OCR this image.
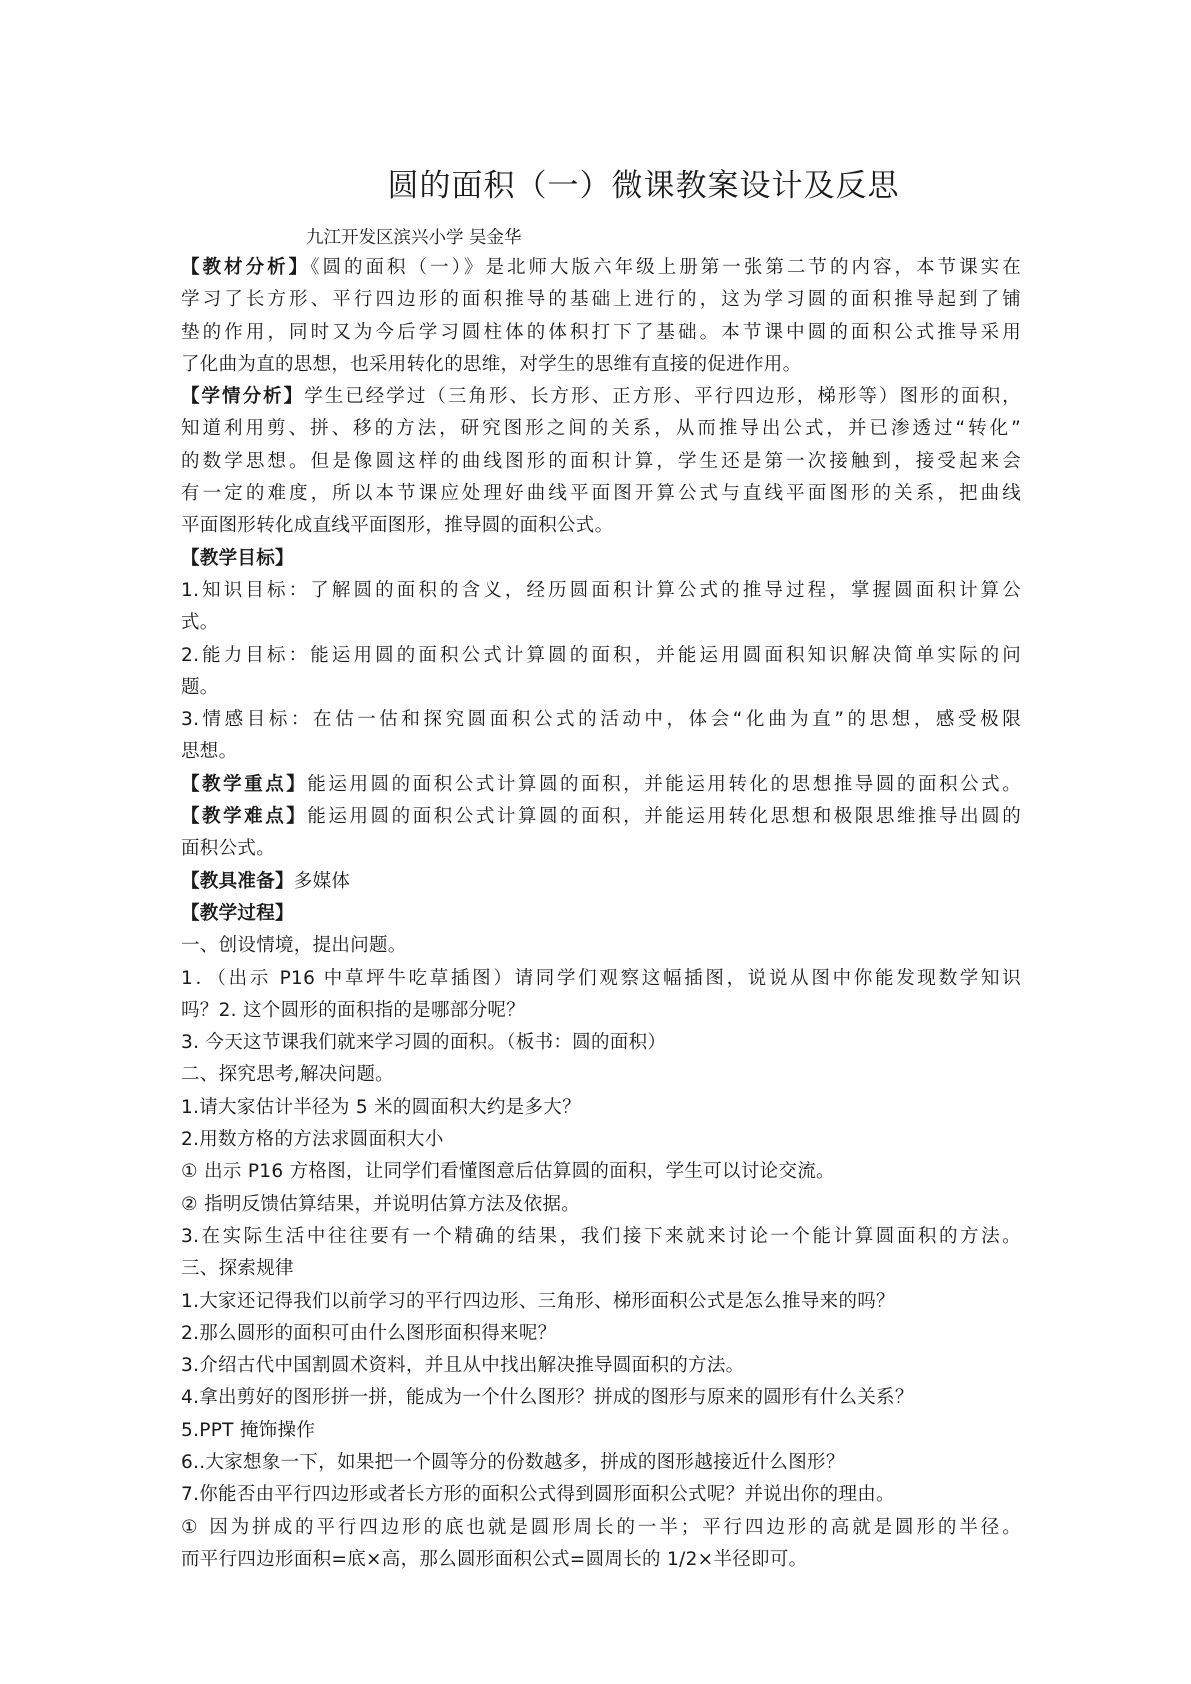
圆的面积（一）微课教案设计及反思
九江开发区滨兴小学 吴金华
【教材分析】《圆的面积（一）》是北师大版六年级上册第一张第二节的内容，本节课实在
学习了长方形、平行四边形的面积推导的基础上进行的，这为学习圆的面积推导起到了铺
垫的作用，同时又为今后学习圆柱体的体积打下了基础。本节课中圆的面积公式推导采用
了化曲为直的思想，也采用转化的思维，对学生的思维有直接的促进作用。
【学情分析】学生已经学过（三角形、长方形、正方形、平行四边形，梯形等）图形的面积，
知道利用剪、拼、移的方法，研究图形之间的关系，从而推导出公式，并已渗透过“转化”
的数学思想。但是像圆这样的曲线图形的面积计算，学生还是第一次接触到，接受起来会
有一定的难度，所以本节课应处理好曲线平面图开算公式与直线平面图形的关系，把曲线
平面图形转化成直线平面图形，推导圆的面积公式。
【教学目标】
1.知识目标：了解圆的面积的含义，经历圆面积计算公式的推导过程，掌握圆面积计算公
式。
2.能力目标：能运用圆的面积公式计算圆的面积，并能运用圆面积知识解决简单实际的问
题。
3.情感目标：在估一估和探究圆面积公式的活动中，体会“化曲为直”的思想，感受极限
思想。
【教学重点】能运用圆的面积公式计算圆的面积，并能运用转化的思想推导圆的面积公式。
【教学难点】能运用圆的面积公式计算圆的面积，并能运用转化思想和极限思维推导出圆的
面积公式。
【教具准备】多媒体
【教学过程】
一、创设情境，提出问题。
1．（出示 P16 中草坪牛吃草插图）请同学们观察这幅插图，说说从图中你能发现数学知识
吗？2. 这个圆形的面积指的是哪部分呢？
3. 今天这节课我们就来学习圆的面积。（板书：圆的面积）
二、探究思考,解决问题。
1.请大家估计半径为 5 米的圆面积大约是多大？
2.用数方格的方法求圆面积大小
① 出示 P16 方格图，让同学们看懂图意后估算圆的面积，学生可以讨论交流。
② 指明反馈估算结果，并说明估算方法及依据。
3.在实际生活中往往要有一个精确的结果，我们接下来就来讨论一个能计算圆面积的方法。
三、探索规律
1.大家还记得我们以前学习的平行四边形、三角形、梯形面积公式是怎么推导来的吗？
2.那么圆形的面积可由什么图形面积得来呢？
3.介绍古代中国割圆术资料，并且从中找出解决推导圆面积的方法。
4.拿出剪好的图形拼一拼，能成为一个什么图形？拼成的图形与原来的圆形有什么关系？
5.PPT 掩饰操作
6..大家想象一下，如果把一个圆等分的份数越多，拼成的图形越接近什么图形？
7.你能否由平行四边形或者长方形的面积公式得到圆形面积公式呢？并说出你的理由。
① 因为拼成的平行四边形的底也就是圆形周长的一半；平行四边形的高就是圆形的半径。
而平行四边形面积=底×高，那么圆形面积公式=圆周长的 1/2×半径即可。
